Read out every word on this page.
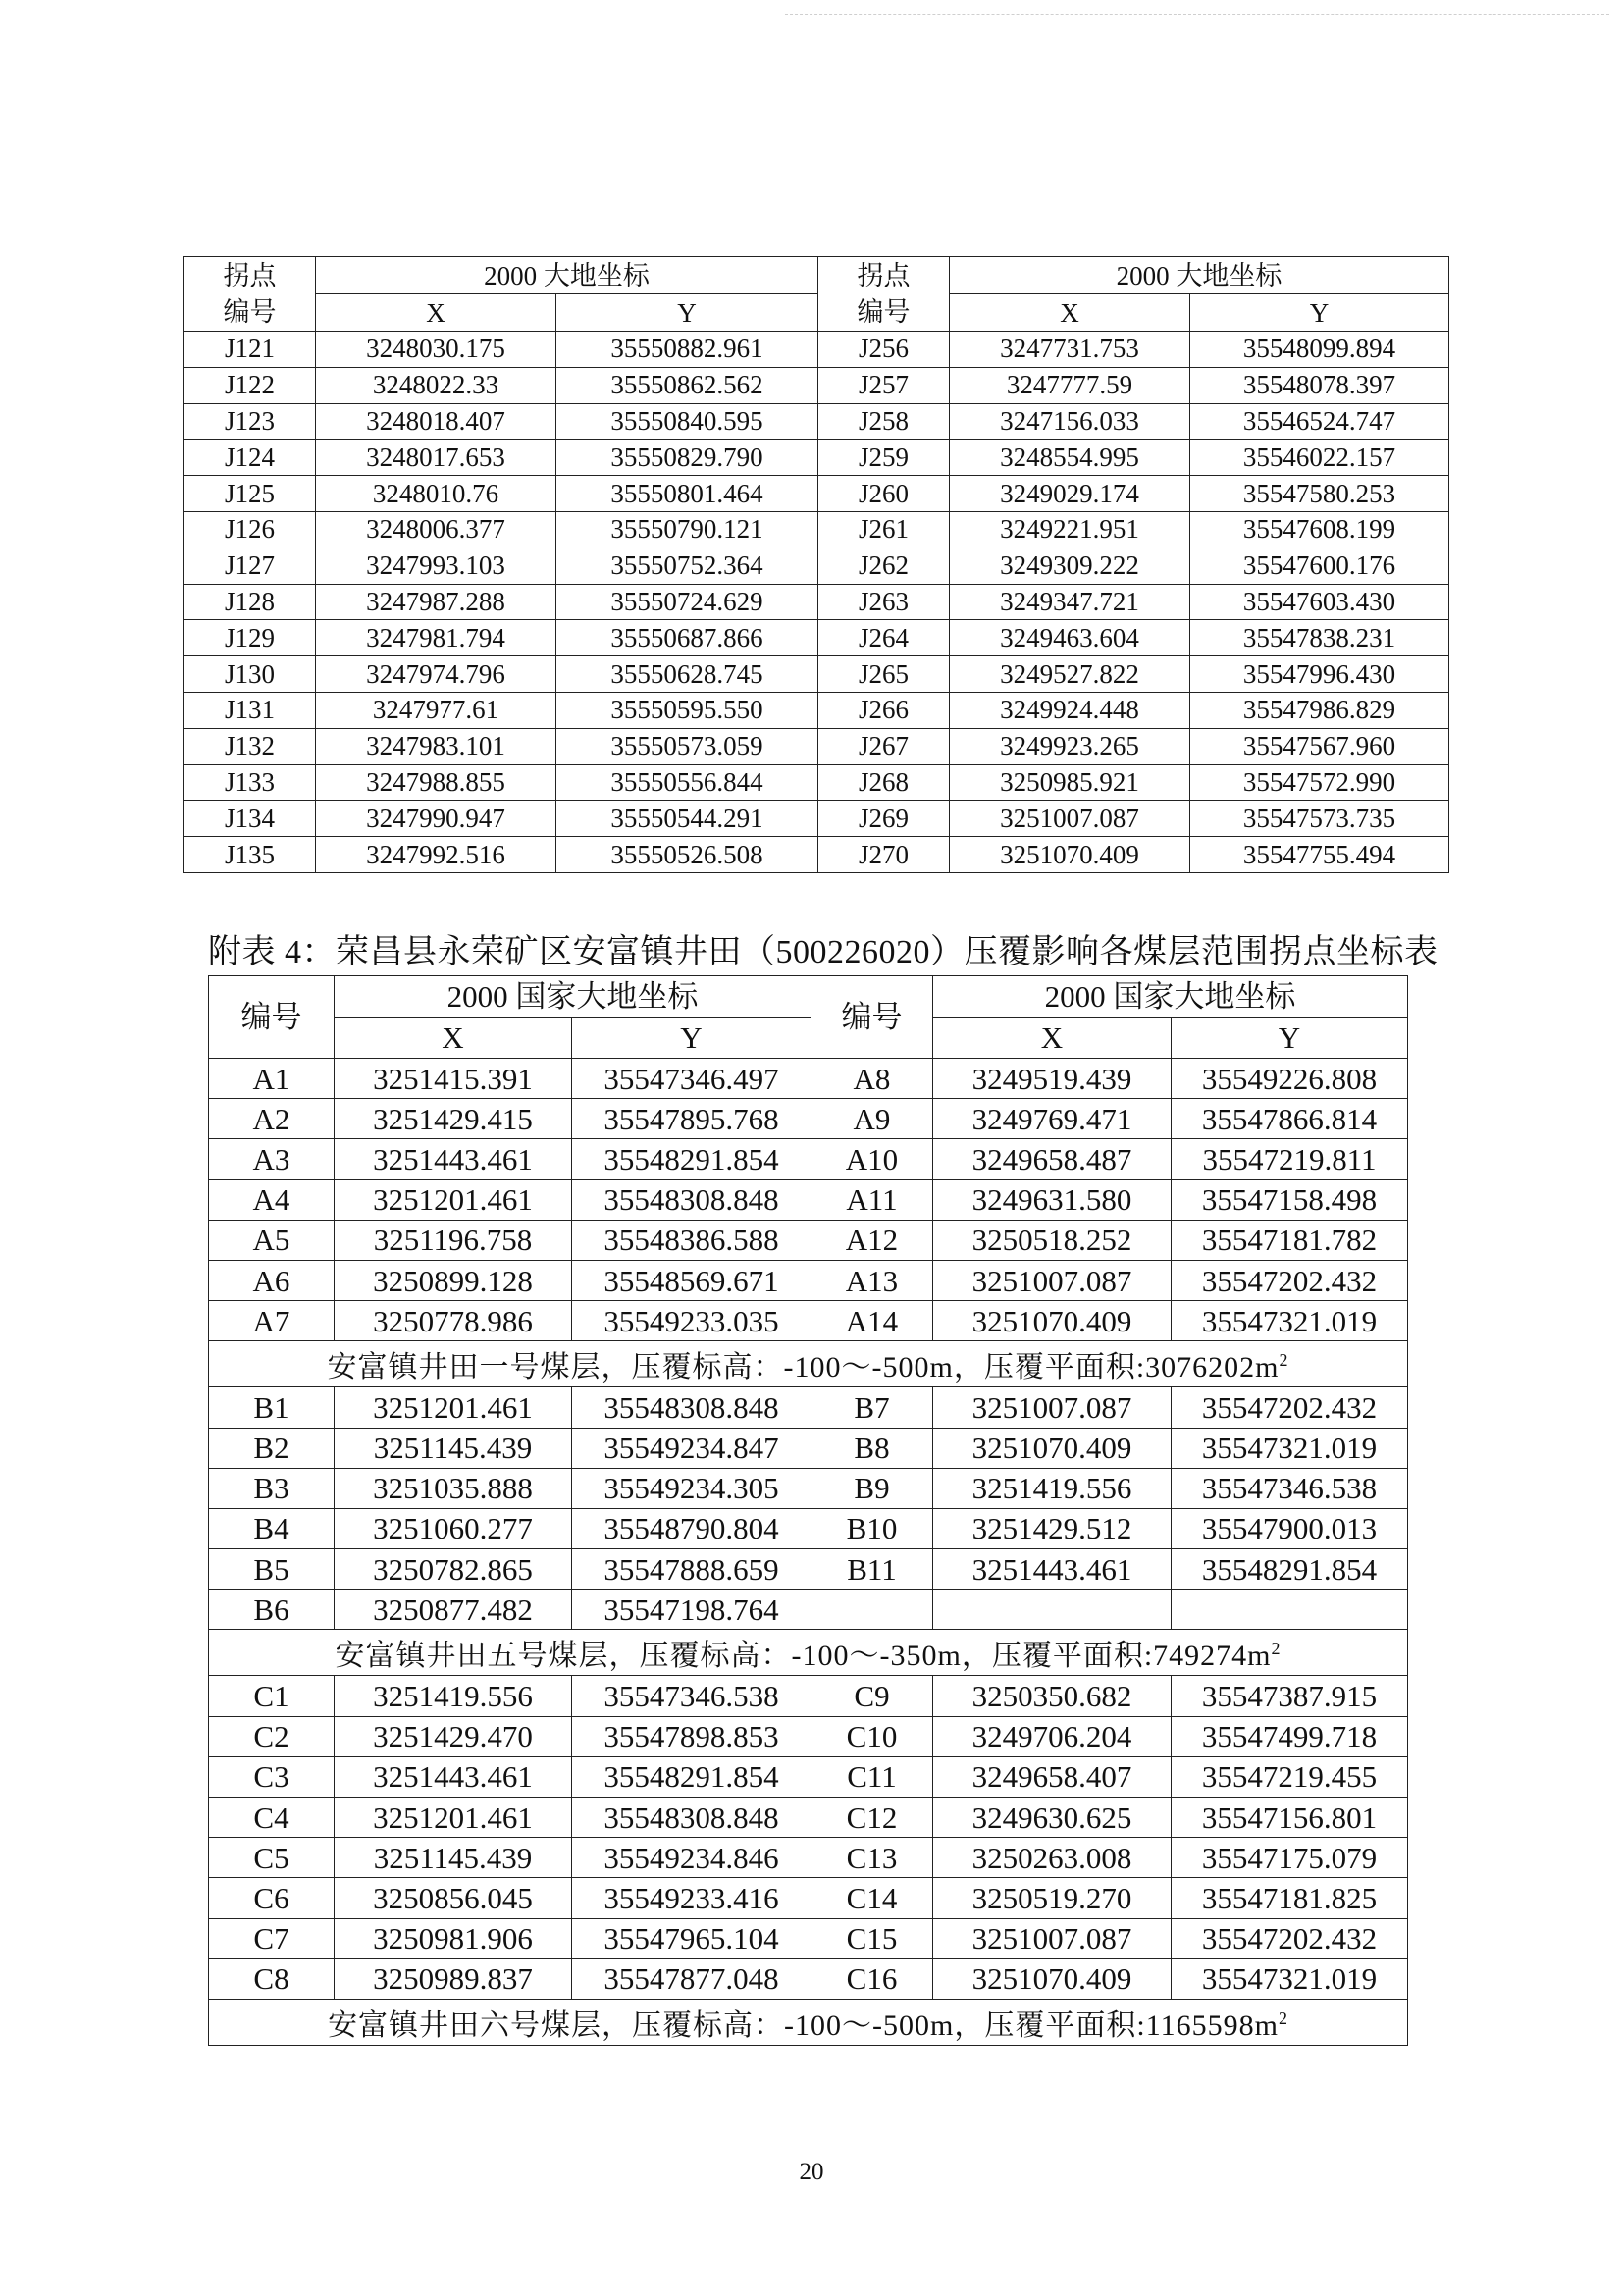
拐点	2000 大地坐标		拐点	2000 大地坐标	
编号	X	Y	编号	X	Y
J121	3248030.175	35550882.961	J256	3247731.753	35548099.894
J122	3248022.33	35550862.562	J257	3247777.59	35548078.397
J123	3248018.407	35550840.595	J258	3247156.033	35546524.747
J124	3248017.653	35550829.790	J259	3248554.995	35546022.157
J125	3248010.76	35550801.464	J260	3249029.174	35547580.253
J126	3248006.377	35550790.121	J261	3249221.951	35547608.199
J127	3247993.103	35550752.364	J262	3249309.222	35547600.176
J128	3247987.288	35550724.629	J263	3249347.721	35547603.430
J129	3247981.794	35550687.866	J264	3249463.604	35547838.231
J130	3247974.796	35550628.745	J265	3249527.822	35547996.430
J131	3247977.61	35550595.550	J266	3249924.448	35547986.829
J132	3247983.101	35550573.059	J267	3249923.265	35547567.960
J133	3247988.855	35550556.844	J268	3250985.921	35547572.990
J134	3247990.947	35550544.291	J269	3251007.087	35547573.735
J135	3247992.516	35550526.508	J270	3251070.409	35547755.494
附表 4：荣昌县永荣矿区安富镇井田（500226020）压覆影响各煤层范围拐点坐标表
编号	2000 国家大地坐标		编号	2000 国家大地坐标	
	X	Y		X	Y
A1	3251415.391	35547346.497	A8	3249519.439	35549226.808
A2	3251429.415	35547895.768	A9	3249769.471	35547866.814
A3	3251443.461	35548291.854	A10	3249658.487	35547219.811
A4	3251201.461	35548308.848	A11	3249631.580	35547158.498
A5	3251196.758	35548386.588	A12	3250518.252	35547181.782
A6	3250899.128	35548569.671	A13	3251007.087	35547202.432
A7	3250778.986	35549233.035	A14	3251070.409	35547321.019
安富镇井田一号煤层，压覆标高：-100～-500m，压覆平面积$:3076202m^2$
B1	3251201.461	35548308.848	B7	3251007.087	35547202.432
B2	3251145.439	35549234.847	B8	3251070.409	35547321.019
B3	3251035.888	35549234.305	B9	3251419.556	35547346.538
B4	3251060.277	35548790.804	B10	3251429.512	35547900.013
B5	3250782.865	35547888.659	B11	3251443.461	35548291.854
B6	3250877.482	35547198.764			
安富镇井田五号煤层，压覆标高：-100～-350m，压覆平面积$:749274m^2$
C1	3251419.556	35547346.538	C9	3250350.682	35547387.915
C2	3251429.470	35547898.853	C10	3249706.204	35547499.718
C3	3251443.461	35548291.854	C11	3249658.407	35547219.455
C4	3251201.461	35548308.848	C12	3249630.625	35547156.801
C5	3251145.439	35549234.846	C13	3250263.008	35547175.079
C6	3250856.045	35549233.416	C14	3250519.270	35547181.825
C7	3250981.906	35547965.104	C15	3251007.087	35547202.432
C8	3250989.837	35547877.048	C16	3251070.409	35547321.019
安富镇井田六号煤层，压覆标高：-100～-500m，压覆平面积$:1165598m^2$
20
